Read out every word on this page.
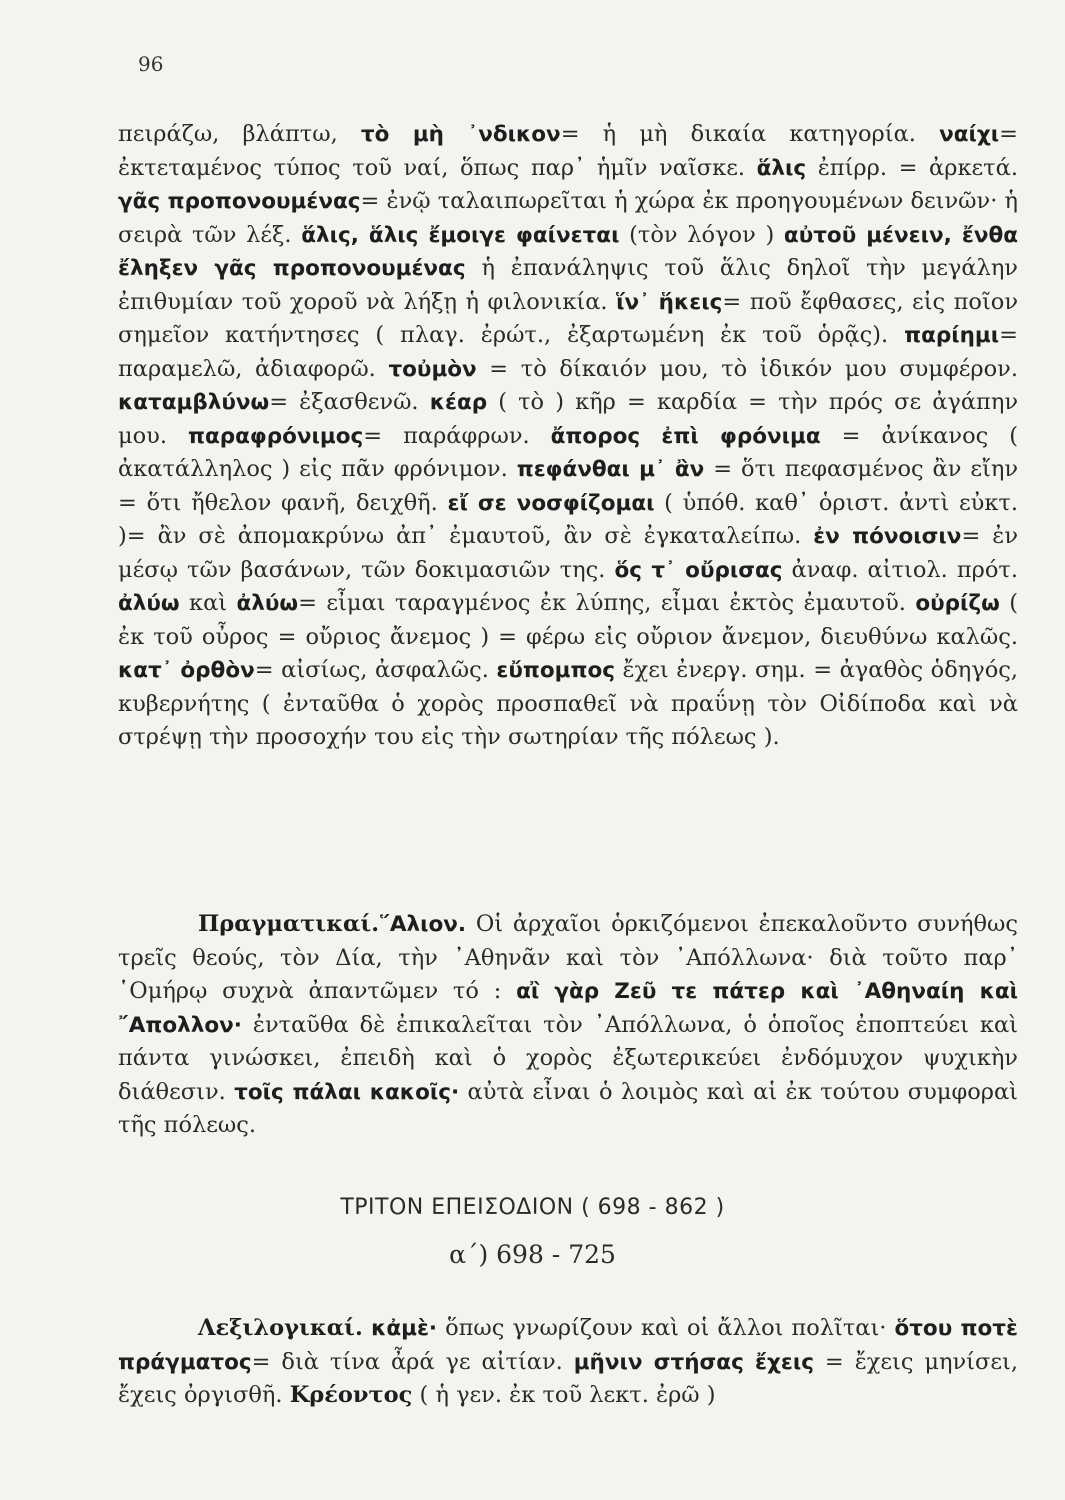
96

πειράζω, βλάπτω, τὸ μὴ ᾽νδικον= ἡ μὴ δικαία κατηγορία. ναίχι= ἐκτεταμένος τύπος τοῦ ναί, ὅπως παρ᾽ ἡμῖν ναῖσκε. ἅλις ἐπίρρ. = ἀρκετά. γᾶς προπονουμένας= ἐνῷ ταλαιπωρεῖται ἡ χώρα ἐκ προηγουμένων δεινῶν· ἡ σειρὰ τῶν λέξ. ἅλις, ἅλις ἔμοιγε φαίνεται (τὸν λόγον ) αὐτοῦ μένειν, ἔνθα ἔληξεν γᾶς προπονουμένας ἡ ἐπανάληψις τοῦ ἅλις δηλοῖ τὴν μεγάλην ἐπιθυμίαν τοῦ χοροῦ νὰ λήξῃ ἡ φιλονικία. ἵν᾽ ἥκεις= ποῦ ἔφθασες, εἰς ποῖον σημεῖον κατήντησες ( πλαγ. ἐρώτ., ἐξαρτωμένη ἐκ τοῦ ὁρᾷς). παρίημι= παραμελῶ, ἀδιαφορῶ. τοὐμὸν = τὸ δίκαιόν μου, τὸ ἰδικόν μου συμφέρον. καταμβλύνω= ἐξασθενῶ. κέαρ ( τὸ ) κῆρ = καρδία = τὴν πρός σε ἀγάπην μου. παραφρόνιμος= παράφρων. ἄπορος ἐπὶ φρόνιμα = ἀνίκανος ( ἀκατάλληλος ) εἰς πᾶν φρόνιμον. πεφάνθαι μ᾽ ἂν = ὅτι πεφασμένος ἂν εἴην = ὅτι ἤθελον φανῆ, δειχθῆ. εἴ σε νοσφίζομαι ( ὑπόθ. καθ᾽ ὁριστ. ἀντὶ εὐκτ. )= ἂν σὲ ἀπομακρύνω ἀπ᾽ ἐμαυτοῦ, ἂν σὲ ἐγκαταλείπω. ἐν πόνοισιν= ἐν μέσῳ τῶν βασάνων, τῶν δοκιμασιῶν της. ὅς τ᾽ οὔρισας ἀναφ. αἰτιολ. πρότ. ἀλύω καὶ ἀλύω= εἶμαι ταραγμένος ἐκ λύπης, εἶμαι ἐκτὸς ἐμαυτοῦ. οὐρίζω ( ἐκ τοῦ οὖρος = οὔριος ἄνεμος ) = φέρω εἰς οὔριον ἄνεμον, διευθύνω καλῶς. κατ᾽ ὀρθὸν= αἰσίως, ἀσφαλῶς. εὔπομπος ἔχει ἐνεργ. σημ. = ἀγαθὸς ὁδηγός, κυβερνήτης ( ἐνταῦθα ὁ χορὸς προσπαθεῖ νὰ πραΰνῃ τὸν Οἰδίποδα καὶ νὰ στρέψῃ τὴν προσοχήν του εἰς τὴν σωτηρίαν τῆς πόλεως ).

Πραγματικαί.῞Αλιον. Οἱ ἀρχαῖοι ὁρκιζόμενοι ἐπεκαλοῦντο συνήθως τρεῖς θεούς, τὸν Δία, τὴν ᾽Αθηνᾶν καὶ τὸν ᾽Απόλλωνα· διὰ τοῦτο παρ᾽ ῾Ομήρῳ συχνὰ ἀπαντῶμεν τό : αἲ γὰρ Ζεῦ τε πάτερ καὶ ᾽Αθηναίη καὶ ῎Απολλον· ἐνταῦθα δὲ ἐπικαλεῖται τὸν ᾽Απόλλωνα, ὁ ὁποῖος ἐποπτεύει καὶ πάντα γινώσκει, ἐπειδὴ καὶ ὁ χορὸς ἐξωτερικεύει ἐνδόμυχον ψυχικὴν διάθεσιν. τοῖς πάλαι κακοῖς· αὐτὰ εἶναι ὁ λοιμὸς καὶ αἱ ἐκ τούτου συμφοραὶ τῆς πόλεως.

ΤΡΙΤΟΝ ΕΠΕΙΣΟΔΙΟΝ ( 698 - 862 )
α΄) 698 - 725

Λεξιλογικαί. κἀμὲ· ὅπως γνωρίζουν καὶ οἱ ἄλλοι πολῖται· ὅτου ποτὲ πράγματος= διὰ τίνα ἆρά γε αἰτίαν. μῆνιν στήσας ἔχεις = ἔχεις μηνίσει, ἔχεις ὀργισθῆ. Κρέοντος ( ἡ γεν. ἐκ τοῦ λεκτ. ἐρῶ )
